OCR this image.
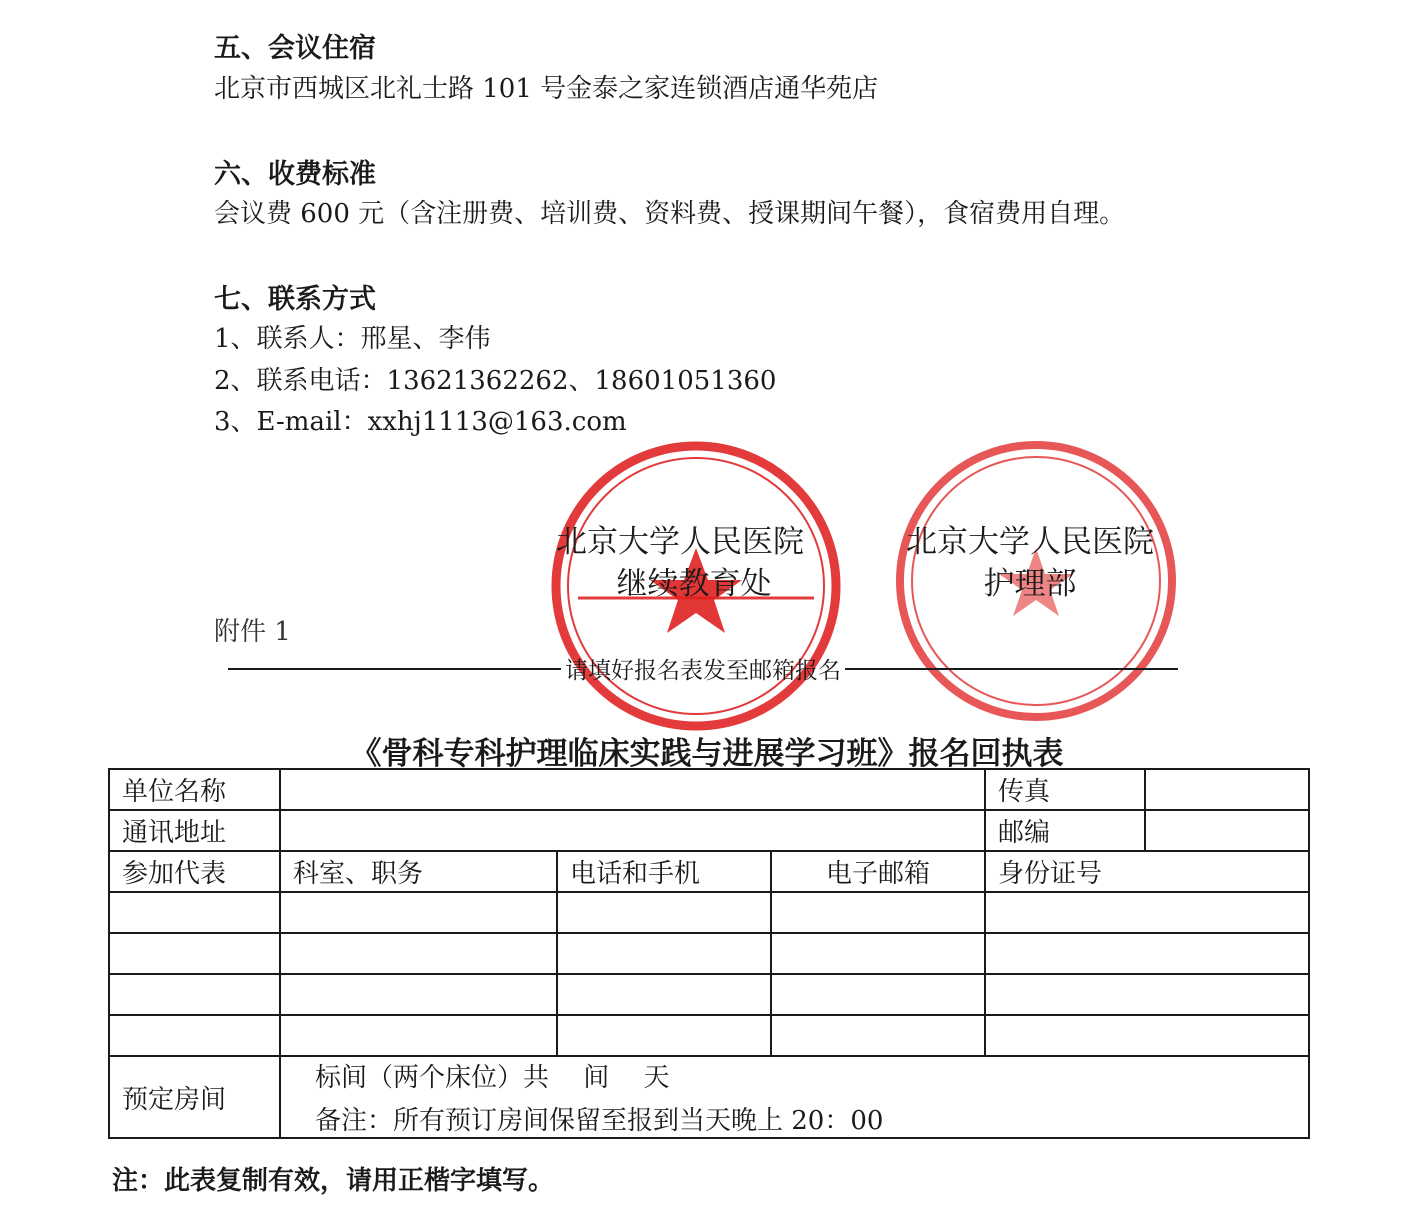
五、会议住宿
北京市西城区北礼士路 101 号金泰之家连锁酒店通华苑店
六、收费标准
会议费 600 元（含注册费、培训费、资料费、授课期间午餐），食宿费用自理。
七、联系方式
1、联系人：邢星、李伟
2、联系电话：13621362262、18601051360
3、E-mail：xxhj1113@163.com
北京大学人民医院
继续教育处
北京大学人民医院
护理部
附件 1
请填好报名表发至邮箱报名
《骨科专科护理临床实践与进展学习班》报名回执表
单位名称				传真	
通讯地址				邮编	
参加代表	科室、职务	电话和手机	电子邮箱	身份证号	

预定房间	标间（两个床位）共　 间　 天
备注：所有预订房间保留至报到当天晚上 20：00				
注：此表复制有效，请用正楷字填写。
